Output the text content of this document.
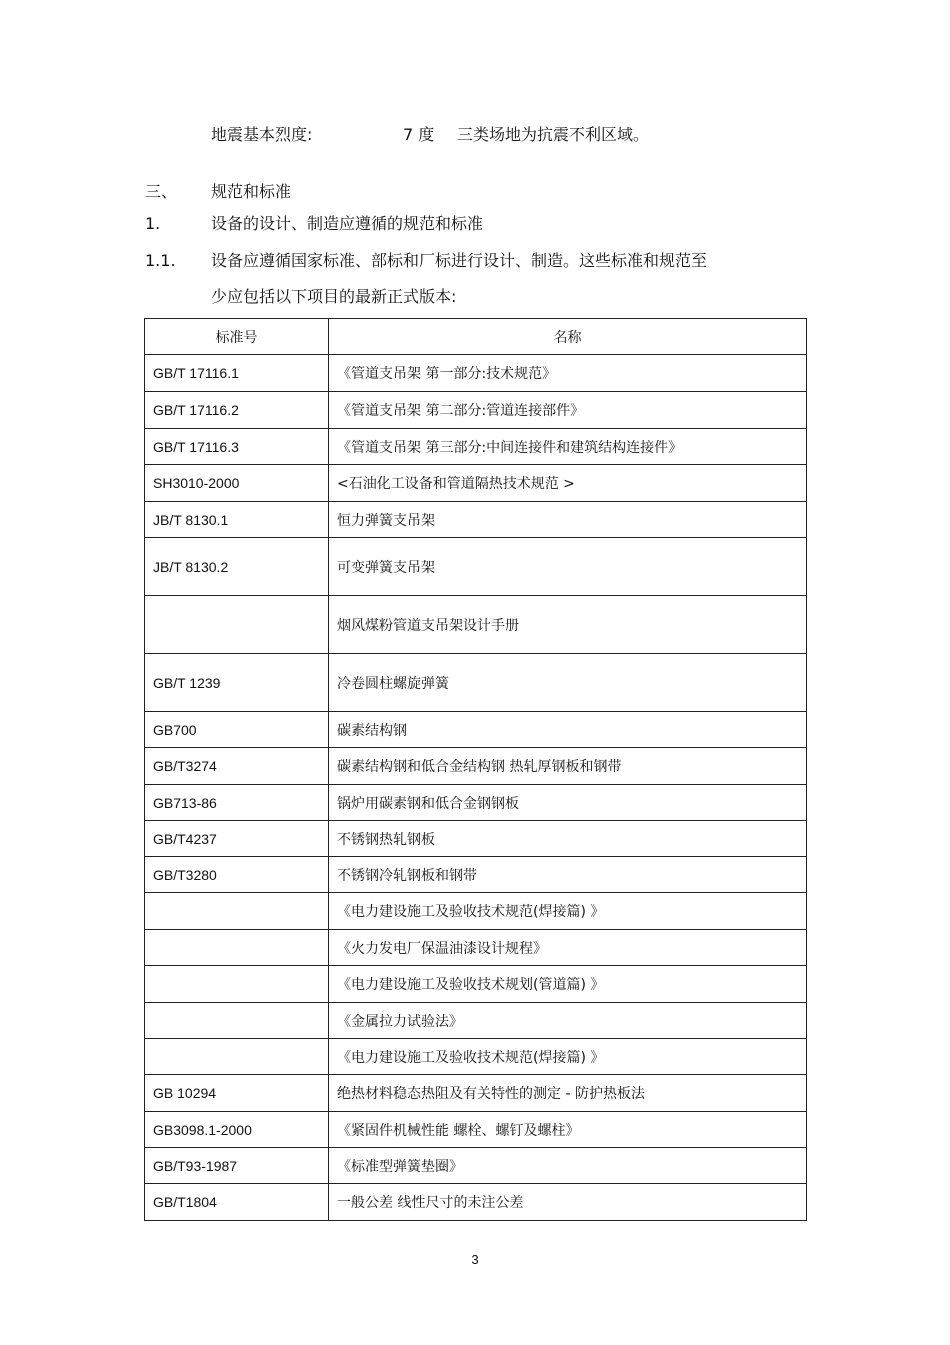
地震基本烈度:	7 度 三类场地为抗震不利区域。
三、 规范和标准
1.	设备的设计、制造应遵循的规范和标准
1.1. 设备应遵循国家标准、部标和厂标进行设计、制造。这些标准和规范至
少应包括以下项目的最新正式版本:
标准号	名称
GB/T 17116.1	《管道支吊架 第一部分:技术规范》
GB/T 17116.2	《管道支吊架 第二部分:管道连接部件》
GB/T 17116.3	《管道支吊架 第三部分:中间连接件和建筑结构连接件》
SH3010-2000	<石油化工设备和管道隔热技术规范 >
JB/T 8130.1	恒力弹簧支吊架
JB/T 8130.2	可变弹簧支吊架
	烟风煤粉管道支吊架设计手册
GB/T 1239	冷卷圆柱螺旋弹簧
GB700	碳素结构钢
GB/T3274	碳素结构钢和低合金结构钢 热轧厚钢板和钢带
GB713-86	锅炉用碳素钢和低合金钢钢板
GB/T4237	不锈钢热轧钢板
GB/T3280	不锈钢冷轧钢板和钢带
	《电力建设施工及验收技术规范(焊接篇) 》
	《火力发电厂保温油漆设计规程》
	《电力建设施工及验收技术规划(管道篇) 》
	《金属拉力试验法》
	《电力建设施工及验收技术规范(焊接篇) 》
GB 10294	绝热材料稳态热阻及有关特性的测定 - 防护热板法
GB3098.1-2000	《紧固件机械性能 螺栓、螺钉及螺柱》
GB/T93-1987	《标准型弹簧垫圈》
GB/T1804	一般公差 线性尺寸的未注公差
3
